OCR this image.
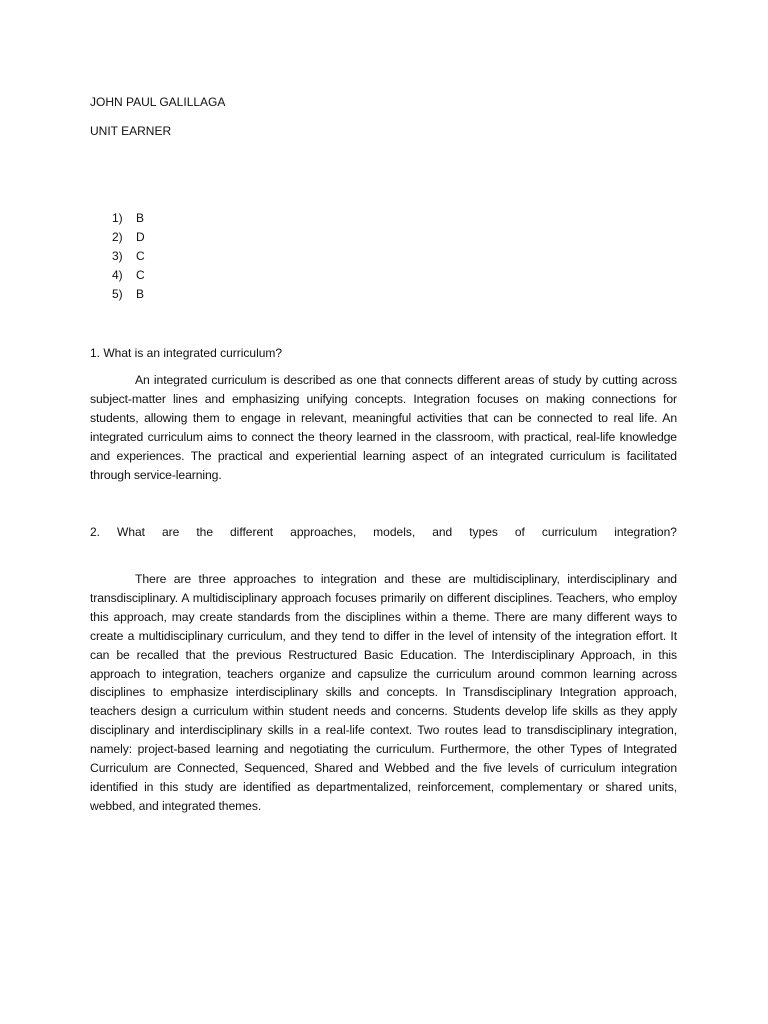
JOHN PAUL GALILLAGA
UNIT EARNER
1) B
2) D
3) C
4) C
5) B
1. What is an integrated curriculum?

An integrated curriculum is described as one that connects different areas of study by cutting across subject-matter lines and emphasizing unifying concepts. Integration focuses on making connections for students, allowing them to engage in relevant, meaningful activities that can be connected to real life. An integrated curriculum aims to connect the theory learned in the classroom, with practical, real-life knowledge and experiences. The practical and experiential learning aspect of an integrated curriculum is facilitated through service-learning.

2. What are the different approaches, models, and types of curriculum integration?

There are three approaches to integration and these are multidisciplinary, interdisciplinary and transdisciplinary. A multidisciplinary approach focuses primarily on different disciplines. Teachers, who employ this approach, may create standards from the disciplines within a theme. There are many different ways to create a multidisciplinary curriculum, and they tend to differ in the level of intensity of the integration effort. It can be recalled that the previous Restructured Basic Education. The Interdisciplinary Approach, in this approach to integration, teachers organize and capsulize the curriculum around common learning across disciplines to emphasize interdisciplinary skills and concepts. In Transdisciplinary Integration approach, teachers design a curriculum within student needs and concerns. Students develop life skills as they apply disciplinary and interdisciplinary skills in a real-life context. Two routes lead to transdisciplinary integration, namely: project-based learning and negotiating the curriculum. Furthermore, the other Types of Integrated Curriculum are Connected, Sequenced, Shared and Webbed and the five levels of curriculum integration identified in this study are identified as departmentalized, reinforcement, complementary or shared units, webbed, and integrated themes.
